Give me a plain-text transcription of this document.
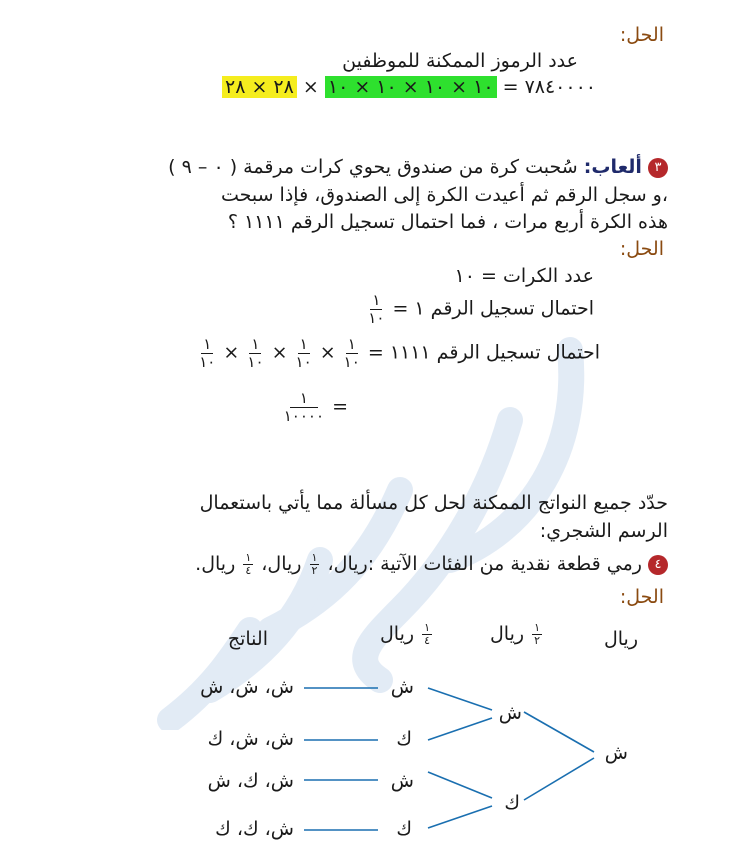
الحل:
عدد الرموز الممكنة للموظفين
٧٨٤٠٠٠٠ = ١٠ × ١٠ × ١٠ × ١٠ × ٢٨ × ٢٨
٣ ألعاب: سُحبت كرة من صندوق يحوي كرات مرقمة ( ٠ – ٩ )
،و سجل الرقم ثم أعيدت الكرة إلى الصندوق، فإذا سبحت
هذه الكرة أربع مرات ، فما احتمال تسجيل الرقم ١١١١ ؟
الحل:
عدد الكرات = ١٠
احتمال تسجيل الرقم ١ =
$\frac{١}{١٠}$
احتمال تسجيل الرقم ١١١١ =
$\frac{١}{١٠}$
×
$\frac{١}{١٠}$
×
$\frac{١}{١٠}$
×
$\frac{١}{١٠}$
=
$\frac{١}{١٠٠٠٠}$
حدّد جميع النواتج الممكنة لحل كل مسألة مما يأتي باستعمال
الرسم الشجري:
٤ رمي قطعة نقدية من الفئات الآتية :ريال،
$\frac{١}{٢}$
ريال،
$\frac{١}{٤}$
ريال.
الحل:
ريال
$\frac{١}{٢}$
ريال
$\frac{١}{٤}$
ريال
الناتج
ش
ش
ك
ش
ك
ش
ك
ش، ش، ش
ش، ش، ك
ش، ك، ش
ش، ك، ك
